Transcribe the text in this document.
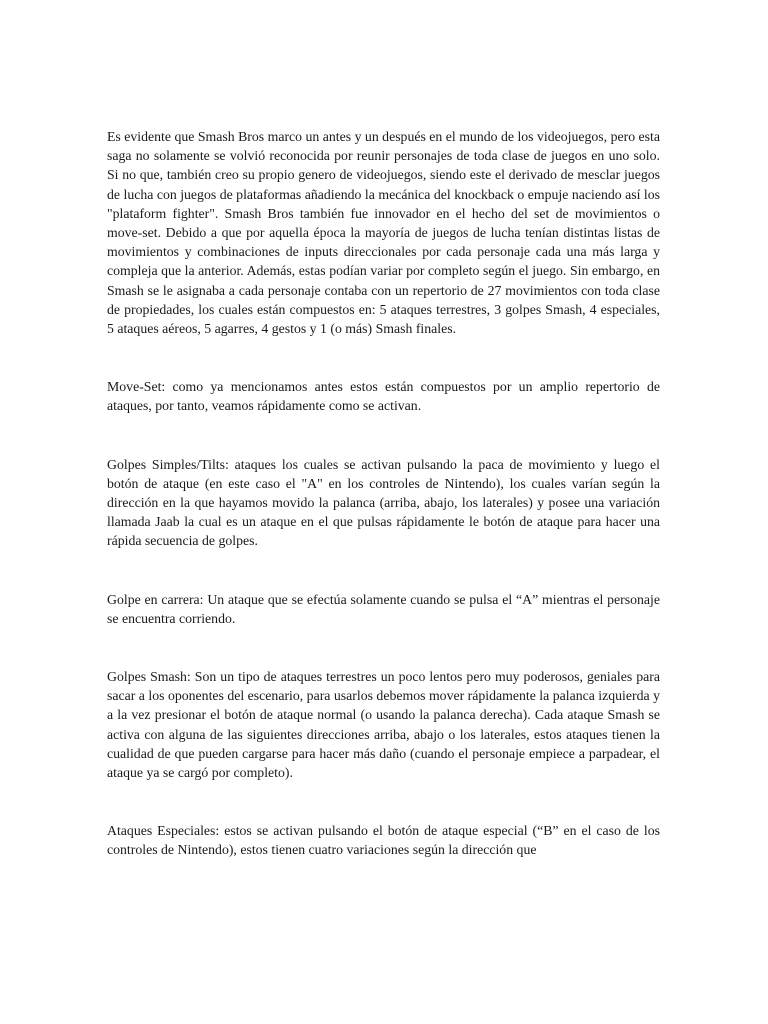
Es evidente que Smash Bros marco un antes y un después en el mundo de los videojuegos, pero esta saga no solamente se volvió reconocida por reunir personajes de toda clase de juegos en uno solo. Si no que, también creo su propio genero de videojuegos, siendo este el derivado de mesclar juegos de lucha con juegos de plataformas añadiendo la mecánica del knockback o empuje naciendo así los "plataform fighter". Smash Bros también fue innovador en el hecho del set de movimientos o move-set. Debido a que por aquella época la mayoría de juegos de lucha tenían distintas listas de movimientos y combinaciones de inputs direccionales por cada personaje cada una más larga y compleja que la anterior. Además, estas podían variar por completo según el juego. Sin embargo, en Smash se le asignaba a cada personaje contaba con un repertorio de 27 movimientos con toda clase de propiedades, los cuales están compuestos en: 5 ataques terrestres, 3 golpes Smash, 4 especiales, 5 ataques aéreos, 5 agarres, 4 gestos y 1 (o más) Smash finales.

Move-Set: como ya mencionamos antes estos están compuestos por un amplio repertorio de ataques, por tanto, veamos rápidamente como se activan.

Golpes Simples/Tilts: ataques los cuales se activan pulsando la paca de movimiento y luego el botón de ataque (en este caso el "A" en los controles de Nintendo), los cuales varían según la dirección en la que hayamos movido la palanca (arriba, abajo, los laterales) y posee una variación llamada Jaab la cual es un ataque en el que pulsas rápidamente le botón de ataque para hacer una rápida secuencia de golpes.

Golpe en carrera: Un ataque que se efectúa solamente cuando se pulsa el “A” mientras el personaje se encuentra corriendo.

Golpes Smash: Son un tipo de ataques terrestres un poco lentos pero muy poderosos, geniales para sacar a los oponentes del escenario, para usarlos debemos mover rápidamente la palanca izquierda y a la vez presionar el botón de ataque normal (o usando la palanca derecha). Cada ataque Smash se activa con alguna de las siguientes direcciones arriba, abajo o los laterales, estos ataques tienen la cualidad de que pueden cargarse para hacer más daño (cuando el personaje empiece a parpadear, el ataque ya se cargó por completo).

Ataques Especiales: estos se activan pulsando el botón de ataque especial (“B” en el caso de los controles de Nintendo), estos tienen cuatro variaciones según la dirección que
